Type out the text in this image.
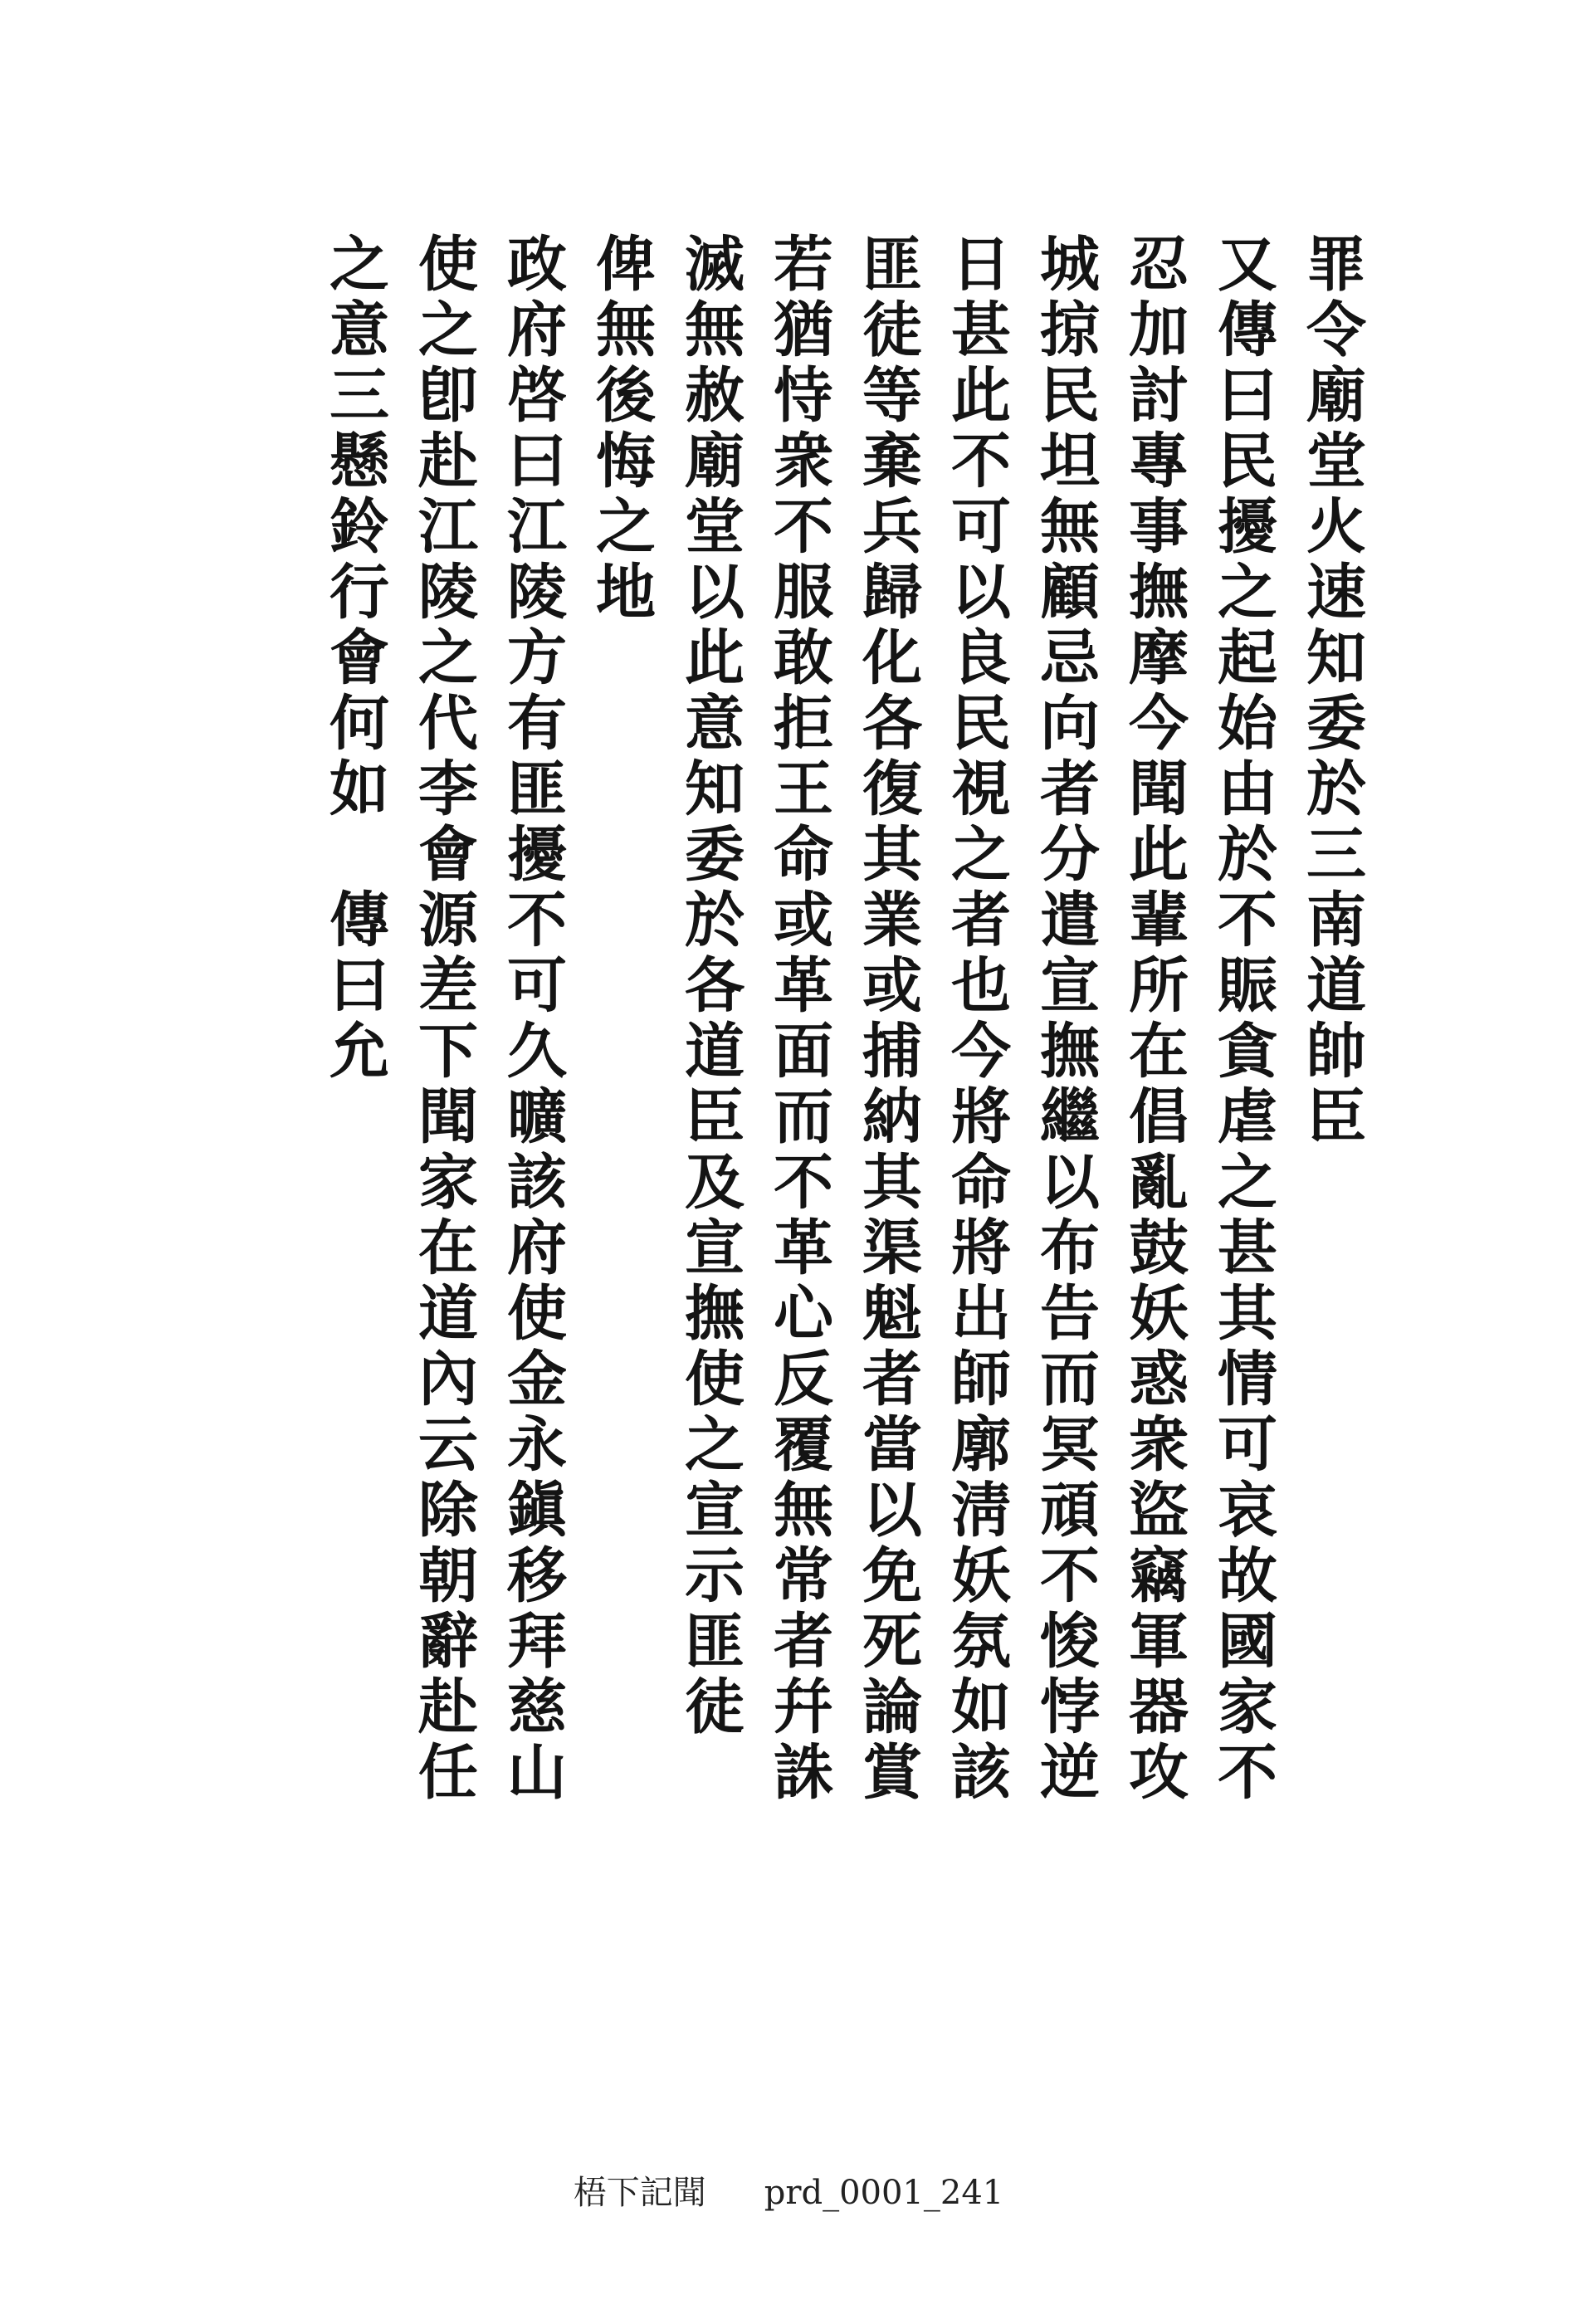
罪令廟堂火速知委於三南道帥臣
又傳曰民擾之起始由於不賑貪虐之甚其情可哀故國家不
忍加討專事撫摩今聞此輩所在倡亂鼓妖惑衆盜竊軍器攻
城掠民坦無顧忌向者分遣宣撫繼以布告而冥頑不悛悖逆
日甚此不可以良民視之者也今將命將出師廓淸妖氛如該
匪徒等棄兵歸化各復其業或捕納其渠魁者當以免死論賞
若猶恃衆不服敢拒王命或革面而不革心反覆無常者幷誅
滅無赦廟堂以此意知委於各道臣及宣撫使之宣示匪徒
俾無後悔之地
政府啓曰江陵方有匪擾不可久曠該府使金永鎭移拜慈山
使之卽赴江陵之代李會源差下聞家在道內云除朝辭赴任
之意三懸鈴行會何如　傳曰允
梧下記聞 prd_0001_241
